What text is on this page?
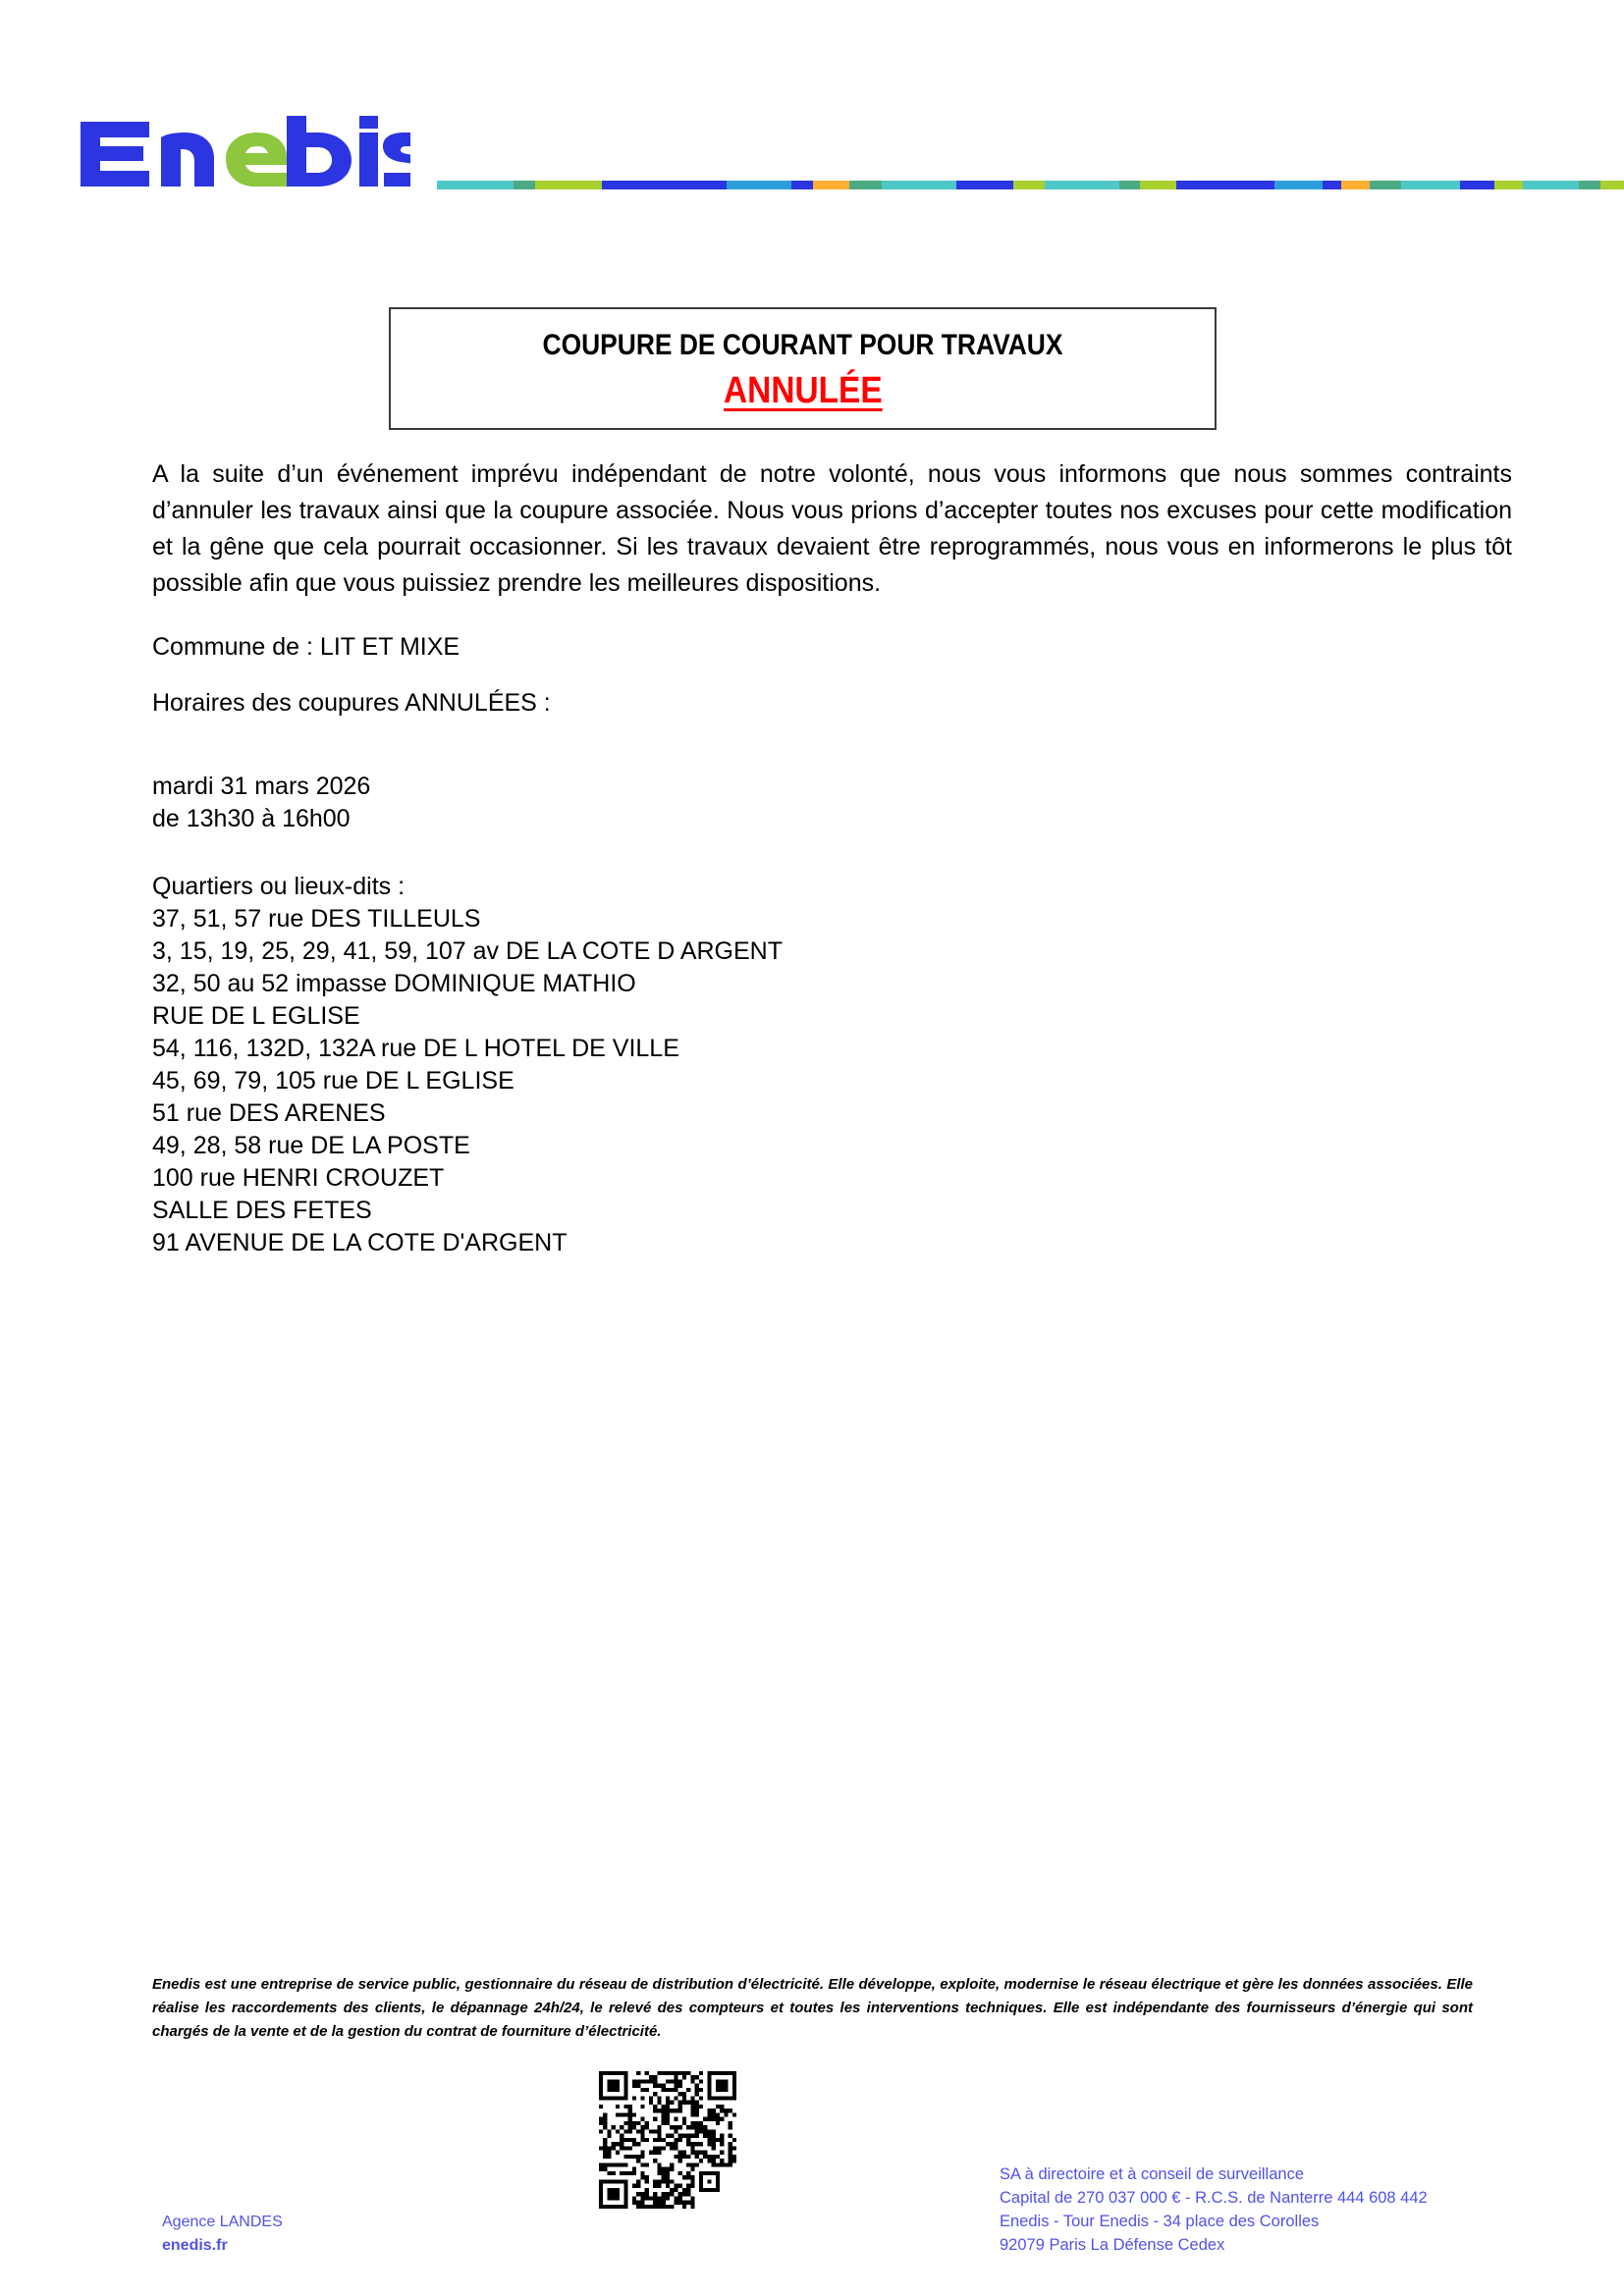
COUPURE DE COURANT POUR TRAVAUX
ANNULÉE

A la suite d’un événement imprévu indépendant de notre volonté, nous vous informons que nous sommes contraints d’annuler les travaux ainsi que la coupure associée. Nous vous prions d’accepter toutes nos excuses pour cette modification et la gêne que cela pourrait occasionner. Si les travaux devaient être reprogrammés, nous vous en informerons le plus tôt possible afin que vous puissiez prendre les meilleures dispositions.

Commune de : LIT ET MIXE

Horaires des coupures ANNULÉES :

mardi 31 mars 2026

de 13h30 à 16h00

Quartiers ou lieux-dits :

37, 51, 57 rue DES TILLEULS
3, 15, 19, 25, 29, 41, 59, 107 av DE LA COTE D ARGENT
32, 50 au 52 impasse DOMINIQUE MATHIO
RUE DE L EGLISE
54, 116, 132D, 132A rue DE L HOTEL DE VILLE
45, 69, 79, 105 rue DE L EGLISE
51 rue DES ARENES
49, 28, 58 rue DE LA POSTE
100 rue HENRI CROUZET
SALLE DES FETES
91 AVENUE DE LA COTE D'ARGENT
Enedis est une entreprise de service public, gestionnaire du réseau de distribution d’électricité. Elle développe, exploite, modernise le réseau électrique et gère les données associées. Elle réalise les raccordements des clients, le dépannage 24h/24, le relevé des compteurs et toutes les interventions techniques. Elle est indépendante des fournisseurs d’énergie qui sont chargés de la vente et de la gestion du contrat de fourniture d’électricité.
Agence LANDES
enedis.fr
SA à directoire et à conseil de surveillance
Capital de 270 037 000 € - R.C.S. de Nanterre 444 608 442
Enedis - Tour Enedis - 34 place des Corolles
92079 Paris La Défense Cedex
